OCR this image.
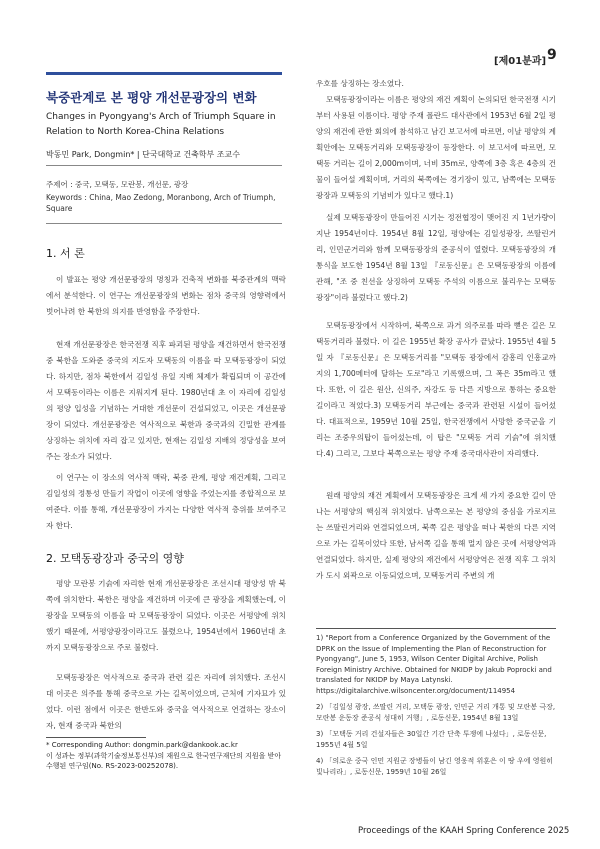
[제01분과] 9
북중관계로 본 평양 개선문광장의 변화
Changes in Pyongyang's Arch of Triumph Square in Relation to North Korea-China Relations
박동민 Park, Dongmin* | 단국대학교 건축학부 조교수
주제어 : 중국, 모택동, 모란봉, 개선문, 광장
Keywords : China, Mao Zedong, Moranbong, Arch of Triumph, Square
1. 서 론
이 발표는 평양 개선문광장의 명칭과 건축적 변화를 북중관계의 맥락에서 분석한다. 이 연구는 개선문광장의 변화는 점차 중국의 영향력에서 벗어나려 한 북한의 의지를 반영함을 주장한다.
현재 개선문광장은 한국전쟁 직후 파괴된 평양을 재건하면서 한국전쟁 중 북한을 도와준 중국의 지도자 모택동의 이름을 따 모택동광장이 되었다. 하지만, 점차 북한에서 김일성 유일 지배 체제가 확립되며 이 공간에서 모택동이라는 이름은 지워지게 된다. 1980년대 초 이 자리에 김일성의 평양 입성을 기념하는 거대한 개선문이 건설되었고, 이곳은 개선문광장이 되었다. 개선문광장은 역사적으로 북한과 중국과의 긴밀한 관계를 상징하는 위치에 자리 잡고 있지만, 현재는 김일성 지배의 정당성을 보여주는 장소가 되었다.
이 연구는 이 장소의 역사적 맥락, 북중 관계, 평양 재건계획, 그리고 김일성의 정통성 만들기 작업이 이곳에 영향을 주었는지를 종합적으로 보여준다. 이를 통해, 개선문광장이 가지는 다양한 역사적 층위를 보여주고자 한다.
2. 모택동광장과 중국의 영향
평양 모란봉 기슭에 자리한 현재 개선문광장은 조선시대 평양성 밖 북쪽에 위치한다. 북한은 평양을 재건하며 이곳에 큰 광장을 계획했는데, 이 광장을 모택동의 이름을 따 모택동광장이 되었다. 이곳은 서평양에 위치했기 때문에, 서평양광장이라고도 불렸으나, 1954년에서 1960년대 초까지 모택동광장으로 주로 불렸다.
모택동광장은 역사적으로 중국과 관련 깊은 자리에 위치했다. 조선시대 이곳은 의주를 통해 중국으로 가는 길목이었으며, 근처에 기자묘가 있었다. 이런 점에서 이곳은 한반도와 중국을 역사적으로 연결하는 장소이자, 현재 중국과 북한의
* Corresponding Author: dongmin.park@dankook.ac.kr
이 성과는 정부(과학기술정보통신부)의 재원으로 한국연구재단의 지원을 받아 수행된 연구임(No. RS-2023-00252078).
우호를 상징하는 장소였다.
모택동광장이라는 이름은 평양의 재건 계획이 논의되던 한국전쟁 시기부터 사용된 이름이다. 평양 주재 폴란드 대사관에서 1953년 6월 2일 평양의 재건에 관한 회의에 참석하고 남긴 보고서에 따르면, 이날 평양의 계획안에는 모택동거리와 모택동광장이 등장한다. 이 보고서에 따르면, 모택동 거리는 길이 2,000m이며, 너비 35m로, 양쪽에 3층 혹은 4층의 건물이 들어설 계획이며, 거리의 북쪽에는 경기장이 있고, 남쪽에는 모택동광장과 모택동의 기념비가 있다고 했다.1)
실제 모택동광장이 만들어진 시기는 정전협정이 맺어진 지 1년가량이 지난 1954년이다. 1954년 8월 12일, 평양에는 김일성광장, 쓰딸린거리, 인민군거리와 함께 모택동광장의 준공식이 열렸다. 모택동광장의 개통식을 보도한 1954년 8월 13일 『로동신문』은 모택동광장의 이름에 관해, "조 중 친선을 상징하여 모택동 주석의 이름으로 불리우는 모택동 광장"이라 불렀다고 했다.2)
모택동광장에서 시작하여, 북쪽으로 과거 의주로를 따라 뻗은 길은 모택동거리라 불렸다. 이 길은 1955년 확장 공사가 끝났다. 1955년 4월 5일 자 『로동신문』은 모택동거리를 "모택동 광장에서 감흥리 인흥교까지의 1,700메터에 달하는 도로"라고 기록했으며, 그 폭은 35m라고 했다. 또한, 이 길은 원산, 신의주, 자강도 등 다른 지방으로 통하는 중요한 길이라고 적었다.3) 모택동거리 부근에는 중국과 관련된 시설이 들어섰다. 대표적으로, 1959년 10월 25일, 한국전쟁에서 사망한 중국군을 기리는 조중우의탑이 들어섰는데, 이 탑은 "모택동 거리 기슭"에 위치했다.4) 그리고, 그보다 북쪽으로는 평양 주재 중국대사관이 자리했다.
원래 평양의 재건 계획에서 모택동광장은 크게 세 가지 중요한 길이 만나는 서평양의 핵심적 위치였다. 남쪽으로는 본 평양의 중심을 가로지르는 쓰딸린거리와 연결되었으며, 북쪽 길은 평양을 떠나 북한의 다른 지역으로 가는 길목이었다 또한, 남서쪽 길을 통해 멀지 않은 곳에 서평양역과 연결되었다. 하지만, 실제 평양의 재건에서 서평양역은 전쟁 직후 그 위치가 도시 외곽으로 이동되었으며, 모택동거리 주변의 개
1) "Report from a Conference Organized by the Government of the DPRK on the Issue of Implementing the Plan of Reconstruction for Pyongyang", June 5, 1953, Wilson Center Digital Archive, Polish Foreign Ministry Archive. Obtained for NKIDP by Jakub Poprocki and translated for NKIDP by Maya Latynski. https://digitalarchive.wilsoncenter.org/document/114954
2) 「김일성 광장, 쓰딸린 거리, 모택동 광장, 인민군 거리 개통 및 모란봉 극장, 모란봉 운동장 준공식 성대히 거행」, 로동신문, 1954년 8월 13일
3) 「모택동 거리 건설자들은 30일간 기간 단축 투쟁에 나섰다」, 로동신문, 1955년 4월 5일
4) 「의로운 중국 인민 지원군 장병들이 남긴 영웅적 위훈은 이 땅 우에 영원히 빛나리라」, 로동신문, 1959년 10월 26일
Proceedings of the KAAH Spring Conference 2025
